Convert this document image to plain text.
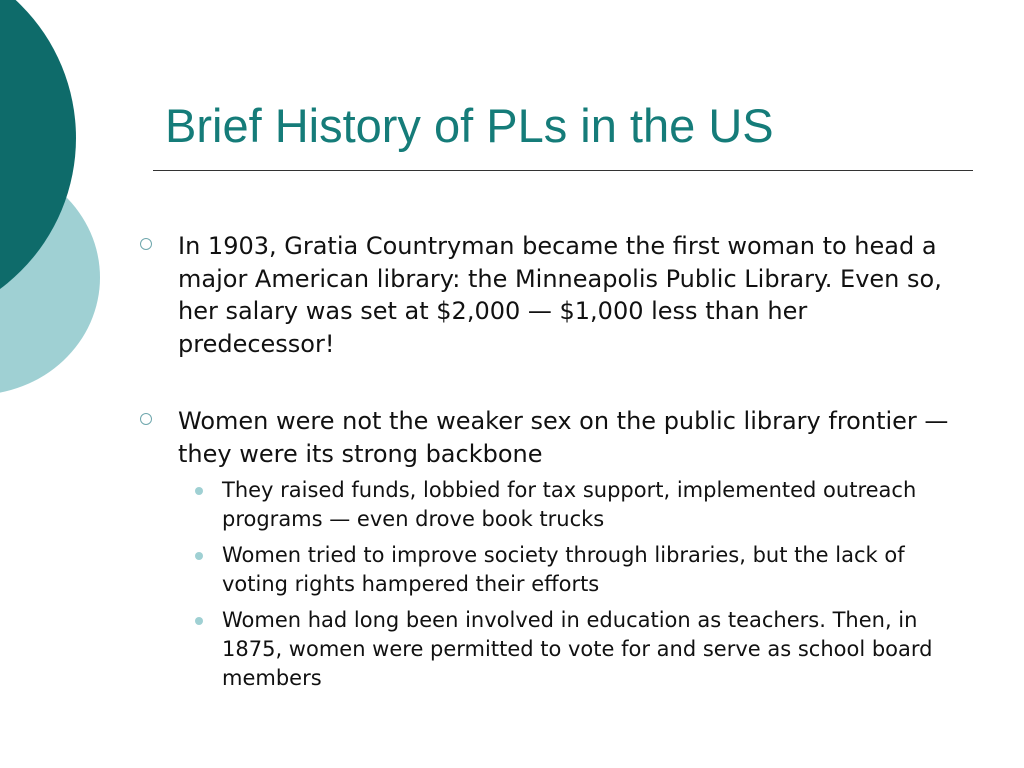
Brief History of PLs in the US
In 1903, Gratia Countryman became the first woman to head a major American library: the Minneapolis Public Library. Even so, her salary was set at $2,000 — $1,000 less than her predecessor!
Women were not the weaker sex on the public library frontier — they were its strong backbone
They raised funds, lobbied for tax support, implemented outreach programs — even drove book trucks
Women tried to improve society through libraries, but the lack of voting rights hampered their efforts
Women had long been involved in education as teachers. Then, in 1875, women were permitted to vote for and serve as school board members
